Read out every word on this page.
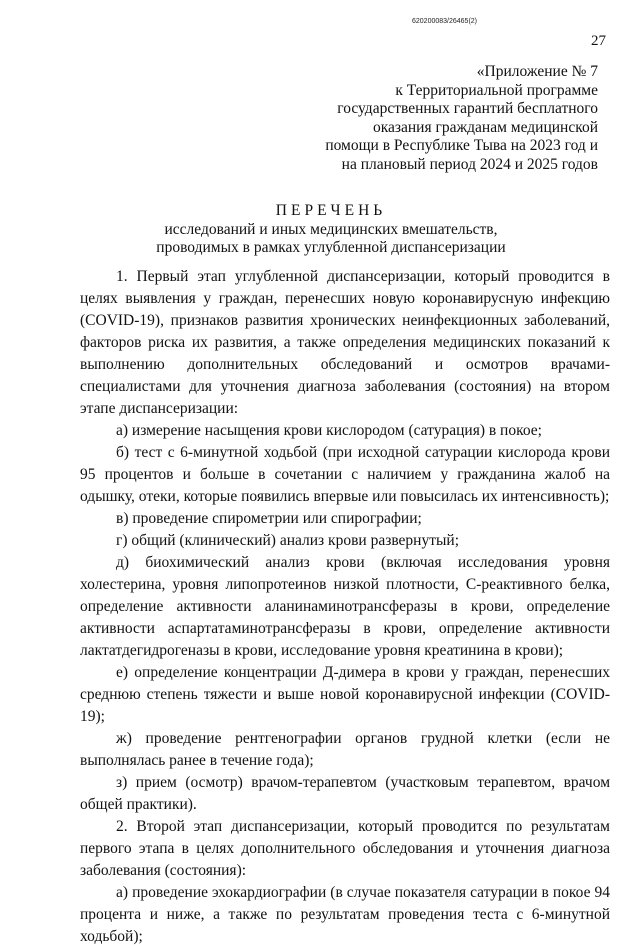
620200083/26465(2)
27
«Приложение № 7
к Территориальной программе
государственных гарантий бесплатного
оказания гражданам медицинской
помощи в Республике Тыва на 2023 год и
на плановый период 2024 и 2025 годов
ПЕРЕЧЕНЬ
исследований и иных медицинских вмешательств,
проводимых в рамках углубленной диспансеризации

1. Первый этап углубленной диспансеризации, который проводится в целях выявления у граждан, перенесших новую коронавирусную инфекцию (COVID-19), признаков развития хронических неинфекционных заболеваний, факторов риска их развития, а также определения медицинских показаний к выполнению дополнительных обследований и осмотров врачами-специалистами для уточнения диагноза заболевания (состояния) на втором этапе диспансеризации:

а) измерение насыщения крови кислородом (сатурация) в покое;

б) тест с 6-минутной ходьбой (при исходной сатурации кислорода крови 95 процентов и больше в сочетании с наличием у гражданина жалоб на одышку, отеки, которые появились впервые или повысилась их интенсивность);

в) проведение спирометрии или спирографии;

г) общий (клинический) анализ крови развернутый;

д) биохимический анализ крови (включая исследования уровня холестерина, уровня липопротеинов низкой плотности, С-реактивного белка, определение активности аланинаминотрансферазы в крови, определение активности аспартатаминотрансферазы в крови, определение активности лактатдегидрогеназы в крови, исследование уровня креатинина в крови);

е) определение концентрации Д-димера в крови у граждан, перенесших среднюю степень тяжести и выше новой коронавирусной инфекции (COVID-19);

ж) проведение рентгенографии органов грудной клетки (если не выполнялась ранее в течение года);

з) прием (осмотр) врачом-терапевтом (участковым терапевтом, врачом общей практики).

2. Второй этап диспансеризации, который проводится по результатам первого этапа в целях дополнительного обследования и уточнения диагноза заболевания (состояния):

а) проведение эхокардиографии (в случае показателя сатурации в покое 94 процента и ниже, а также по результатам проведения теста с 6-минутной ходьбой);
